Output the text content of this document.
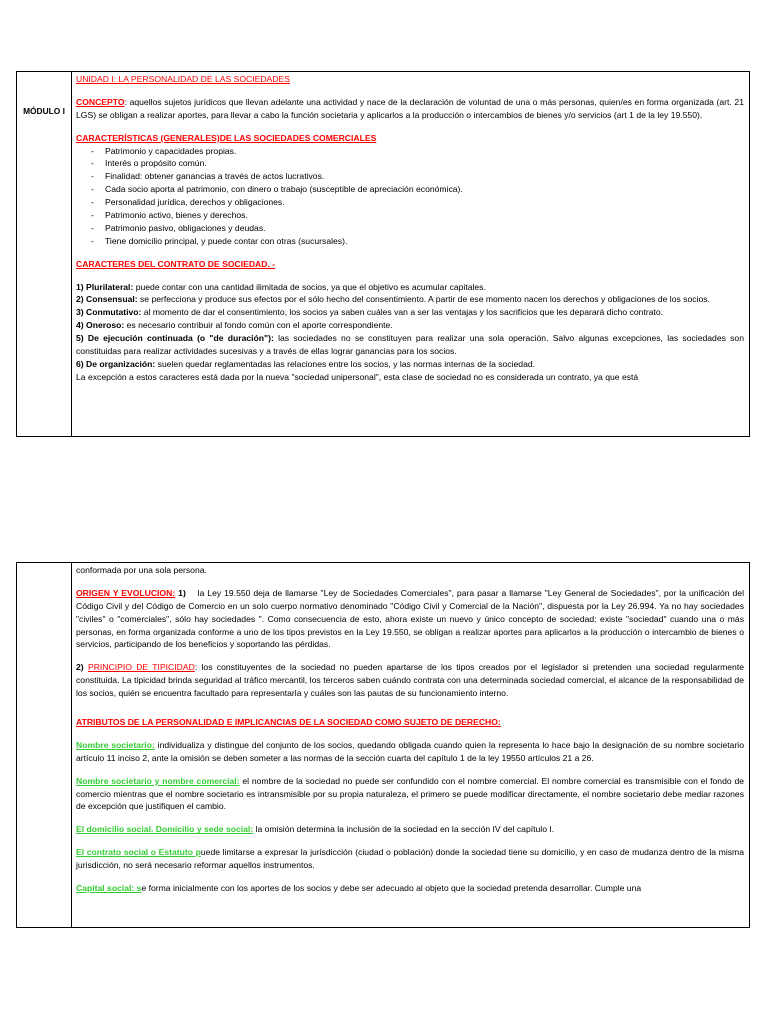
MÓDULO I

UNIDAD I: LA PERSONALIDAD DE LAS SOCIEDADES

CONCEPTO: aquellos sujetos jurídicos que llevan adelante una actividad y nace de la declaración de voluntad de una o más personas, quien/es en forma organizada (art. 21 LGS) se obligan a realizar aportes, para llevar a cabo la función societaria y aplicarlos a la producción o intercambios de bienes y/o servicios (art 1 de la ley 19.550).

CARACTERÍSTICAS (GENERALES)DE LAS SOCIEDADES COMERCIALES

- Patrimonio y capacidades propias.
- Interés o propósito común.
- Finalidad: obtener ganancias a través de actos lucrativos.
- Cada socio aporta al patrimonio, con dinero o trabajo (susceptible de apreciación económica).
- Personalidad jurídica, derechos y obligaciones.
- Patrimonio activo, bienes y derechos.
- Patrimonio pasivo, obligaciones y deudas.
- Tiene domicilio principal, y puede contar con otras (sucursales).

CARACTERES DEL CONTRATO DE SOCIEDAD. -

1) Plurilateral: puede contar con una cantidad ilimitada de socios, ya que el objetivo es acumular capitales.

2) Consensual: se perfecciona y produce sus efectos por el sólo hecho del consentimiento. A partir de ese momento nacen los derechos y obligaciones de los socios.

3) Conmutativo: al momento de dar el consentimiento, los socios ya saben cuáles van a ser las ventajas y los sacrificios que les deparará dicho contrato.

4) Oneroso: es necesario contribuir al fondo común con el aporte correspondiente.

5) De ejecución continuada (o "de duración"): las sociedades no se constituyen para realizar una sola operación. Salvo algunas excepciones, las sociedades son constituidas para realizar actividades sucesivas y a través de ellas lograr ganancias para los socios.

6) De organización: suelen quedar reglamentadas las relaciones entre los socios, y las normas internas de la sociedad.

La excepción a estos caracteres está dada por la nueva "sociedad unipersonal", esta clase de sociedad no es considerada un contrato, ya que está

conformada por una sola persona.

ORIGEN Y EVOLUCION: 1) la Ley 19.550 deja de llamarse "Ley de Sociedades Comerciales", para pasar a llamarse "Ley General de Sociedades", por la unificación del Código Civil y del Código de Comercio en un solo cuerpo normativo denominado "Código Civil y Comercial de la Nación", dispuesta por la Ley 26.994. Ya no hay sociedades "civiles" o "comerciales", sólo hay sociedades ". Como consecuencia de esto, ahora existe un nuevo y único concepto de sociedad: existe "sociedad" cuando una o más personas, en forma organizada conforme a uno de los tipos previstos en la Ley 19.550, se obligan a realizar aportes para aplicarlos a la producción o intercambio de bienes o servicios, participando de los beneficios y soportando las pérdidas.

2) PRINCIPIO DE TIPICIDAD: los constituyentes de la sociedad no pueden apartarse de los tipos creados por el legislador si pretenden una sociedad regularmente constituida. La tipicidad brinda seguridad al tráfico mercantil, los terceros saben cuándo contrata con una determinada sociedad comercial, el alcance de la responsabilidad de los socios, quién se encuentra facultado para representarla y cuáles son las pautas de su funcionamiento interno.

ATRIBUTOS DE LA PERSONALIDAD E IMPLICANCIAS DE LA SOCIEDAD COMO SUJETO DE DERECHO:

Nombre societario: individualiza y distingue del conjunto de los socios, quedando obligada cuando quien la representa lo hace bajo la designación de su nombre societario artículo 11 inciso 2, ante la omisión se deben someter a las normas de la sección cuarta del capítulo 1 de la ley 19550 artículos 21 a 26.

Nombre societario y nombre comercial: el nombre de la sociedad no puede ser confundido con el nombre comercial. El nombre comercial es transmisible con el fondo de comercio mientras que el nombre societario es intransmisible por su propia naturaleza, el primero se puede modificar directamente, el nombre societario debe mediar razones de excepción que justifiquen el cambio.

El domicilio social. Domicilio y sede social: la omisión determina la inclusión de la sociedad en la sección IV del capítulo I.

El contrato social o Estatuto puede limitarse a expresar la jurisdicción (ciudad o población) donde la sociedad tiene su domicilio, y en caso de mudanza dentro de la misma jurisdicción, no será necesario reformar aquellos instrumentos.

Capital social: se forma inicialmente con los aportes de los socios y debe ser adecuado al objeto que la sociedad pretenda desarrollar. Cumple una
